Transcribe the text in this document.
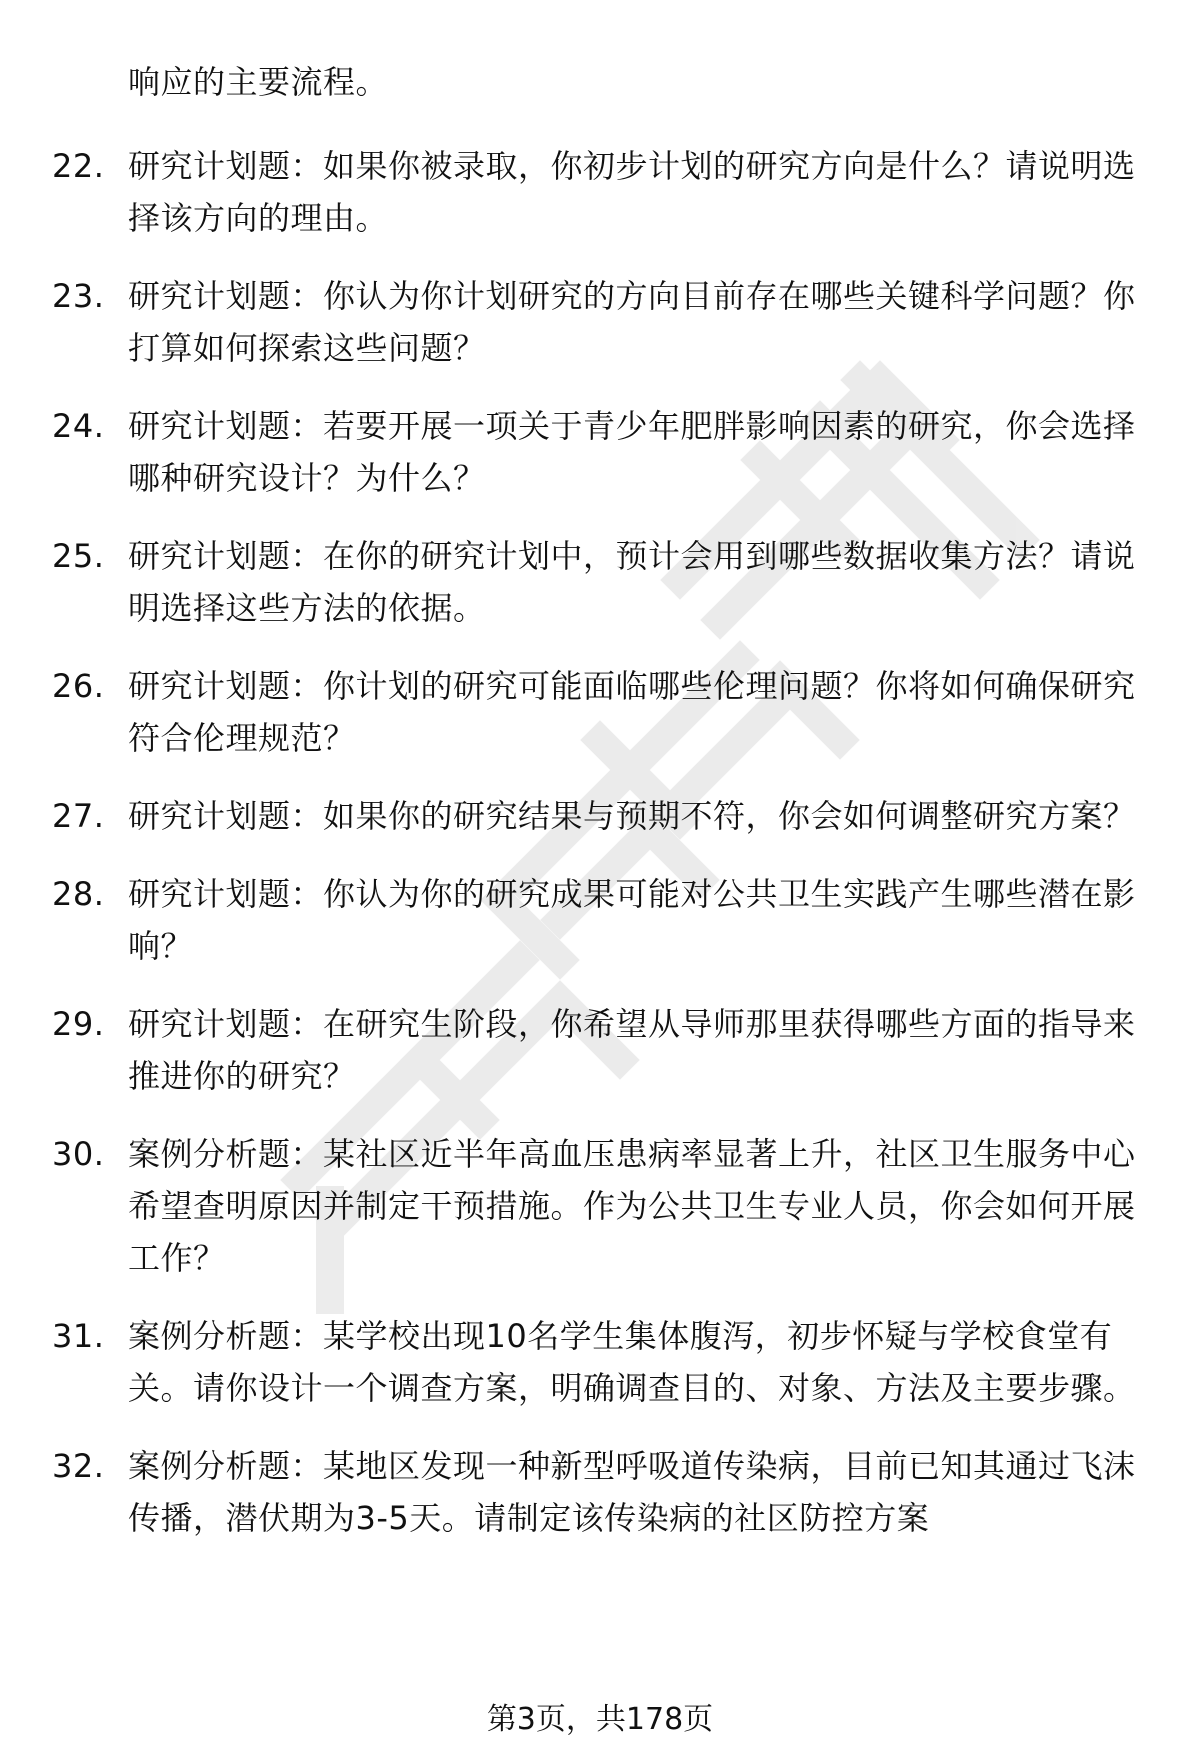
响应的主要流程。

22. 研究计划题：如果你被录取，你初步计划的研究方向是什么？请说明选择该方向的理由。
23. 研究计划题：你认为你计划研究的方向目前存在哪些关键科学问题？你打算如何探索这些问题？
24. 研究计划题：若要开展一项关于青少年肥胖影响因素的研究，你会选择哪种研究设计？为什么？
25. 研究计划题：在你的研究计划中，预计会用到哪些数据收集方法？请说明选择这些方法的依据。
26. 研究计划题：你计划的研究可能面临哪些伦理问题？你将如何确保研究符合伦理规范？
27. 研究计划题：如果你的研究结果与预期不符，你会如何调整研究方案？
28. 研究计划题：你认为你的研究成果可能对公共卫生实践产生哪些潜在影响？
29. 研究计划题：在研究生阶段，你希望从导师那里获得哪些方面的指导来推进你的研究？
30. 案例分析题：某社区近半年高血压患病率显著上升，社区卫生服务中心希望查明原因并制定干预措施。作为公共卫生专业人员，你会如何开展工作？
31. 案例分析题：某学校出现10名学生集体腹泻，初步怀疑与学校食堂有关。请你设计一个调查方案，明确调查目的、对象、方法及主要步骤。
32. 案例分析题：某地区发现一种新型呼吸道传染病，目前已知其通过飞沫传播，潜伏期为3-5天。请制定该传染病的社区防控方案
第3页，共178页
